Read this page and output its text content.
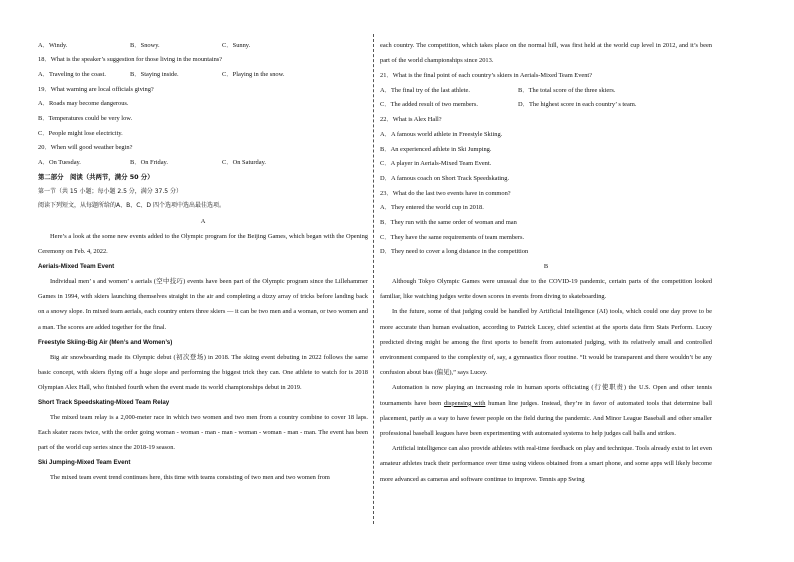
A．Windy.	B．Snowy.	C．Sunny.
18．What is the speaker’s suggestion for those living in the mountains?
A．Traveling to the coast.	B．Staying inside.	C．Playing in the snow.
19．What warning are local officials giving?
A．Roads may become dangerous.
B．Temperatures could be very low.
C．People might lose electricity.
20．When will good weather begin?
A．On Tuesday.	B．On Friday.	C．On Saturday.
第二部分　阅读（共两节，满分 50 分）
第一节（共 15 小题；每小题 2.5 分，满分 37.5 分）
阅读下列短文，从每题所给的A、B、C、D 四个选项中选出最佳选项。
A

Here’s a look at the some new events added to the Olympic program for the Beijing Games, which began with the Opening Ceremony on Feb. 4, 2022.

Aerials-Mixed Team Event

Individual men’ s and women’ s aerials (空中技巧) events have been part of the Olympic program since the Lillehammer Games in 1994, with skiers launching themselves straight in the air and completing a dizzy array of tricks before landing back on a snowy slope. In mixed team aerials, each country enters three skiers — it can be two men and a woman, or two women and a man. The scores are added together for the final.

Freestyle Skiing-Big Air (Men’s and Women’s)

Big air snowboarding made its Olympic debut (初次登场) in 2018. The skiing event debuting in 2022 follows the same basic concept, with skiers flying off a huge slope and performing the biggest trick they can. One athlete to watch for is 2018 Olympian Alex Hall, who finished fourth when the event made its world championships debut in 2019.

Short Track Speedskating-Mixed Team Relay

The mixed team relay is a 2,000-meter race in which two women and two men from a country combine to cover 18 laps. Each skater races twice, with the order going woman - woman - man - man - woman - woman - man - man. The event has been part of the world cup series since the 2018-19 season.

Ski Jumping-Mixed Team Event

The mixed team event trend continues here, this time with teams consisting of two men and two women from

each country. The competition, which takes place on the normal hill, was first held at the world cup level in 2012, and it’s been part of the world championships since 2013.

21．What is the final point of each country’s skiers in Aerials-Mixed Team Event?
A．The final try of the last athlete.	B．The total score of the three skiers.
C．The added result of two members.	D．The highest score in each country’ s team.
22．What is Alex Hall?
A．A famous world athlete in Freestyle Skiing.
B．An experienced athlete in Ski Jumping.
C．A player in Aerials-Mixed Team Event.
D．A famous coach on Short Track Speedskating.
23．What do the last two events have in common?
A．They entered the world cup in 2018.
B．They run with the same order of woman and man
C．They have the same requirements of team members.
D．They need to cover a long distance in the competition
B

Although Tokyo Olympic Games were unusual due to the COVID-19 pandemic, certain parts of the competition looked familiar, like watching judges write down scores in events from diving to skateboarding.

In the future, some of that judging could be handled by Artificial Intelligence (AI) tools, which could one day prove to be more accurate than human evaluation, according to Patrick Lucey, chief scientist at the sports data firm Stats Perform. Lucey predicted diving might be among the first sports to benefit from automated judging, with its relatively small and controlled environment compared to the complexity of, say, a gymnastics floor routine. “It would be transparent and there wouldn’t be any confusion about bias (偏见),” says Lucey.

Automation is now playing an increasing role in human sports officiating (行使职责) the U.S. Open and other tennis tournaments have been dispensing with human line judges. Instead, they’re in favor of automated tools that determine ball placement, partly as a way to have fewer people on the field during the pandemic. And Minor League Baseball and other smaller professional baseball leagues have been experimenting with automated systems to help judges call balls and strikes.

Artificial intelligence can also provide athletes with real-time feedback on play and technique. Tools already exist to let even amateur athletes track their performance over time using videos obtained from a smart phone, and some apps will likely become more advanced as cameras and software continue to improve. Tennis app Swing
